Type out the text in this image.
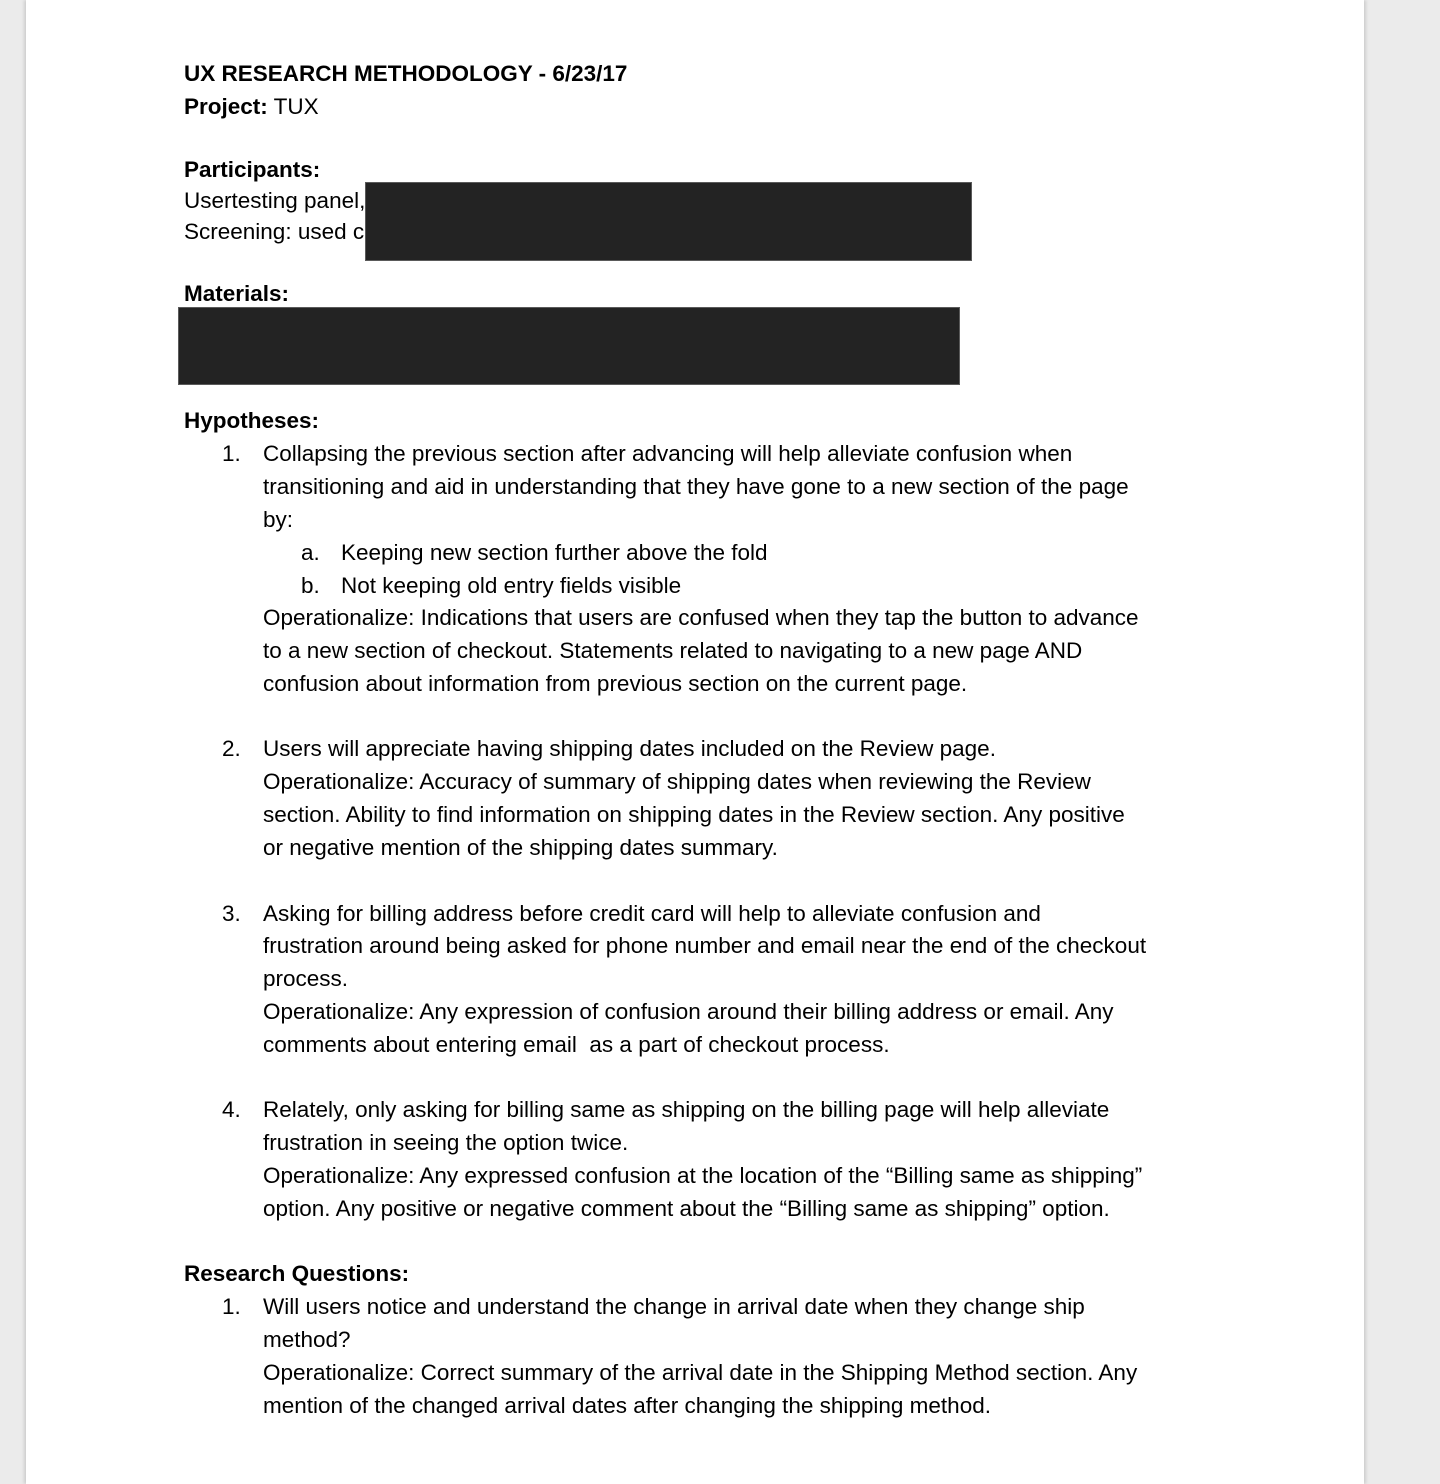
UX RESEARCH METHODOLOGY - 6/23/17
Project: TUX
Participants:
Usertesting panel,
Screening: used c
Materials:
Hypotheses:
1. Collapsing the previous section after advancing will help alleviate confusion when
transitioning and aid in understanding that they have gone to a new section of the page
by:
a. Keeping new section further above the fold
b. Not keeping old entry fields visible
Operationalize: Indications that users are confused when they tap the button to advance
to a new section of checkout. Statements related to navigating to a new page AND
confusion about information from previous section on the current page.
2. Users will appreciate having shipping dates included on the Review page.
Operationalize: Accuracy of summary of shipping dates when reviewing the Review
section. Ability to find information on shipping dates in the Review section. Any positive
or negative mention of the shipping dates summary.
3. Asking for billing address before credit card will help to alleviate confusion and
frustration around being asked for phone number and email near the end of the checkout
process.
Operationalize: Any expression of confusion around their billing address or email. Any
comments about entering email  as a part of checkout process.
4. Relately, only asking for billing same as shipping on the billing page will help alleviate
frustration in seeing the option twice.
Operationalize: Any expressed confusion at the location of the “Billing same as shipping”
option. Any positive or negative comment about the “Billing same as shipping” option.
Research Questions:
1. Will users notice and understand the change in arrival date when they change ship
method?
Operationalize: Correct summary of the arrival date in the Shipping Method section. Any
mention of the changed arrival dates after changing the shipping method.
